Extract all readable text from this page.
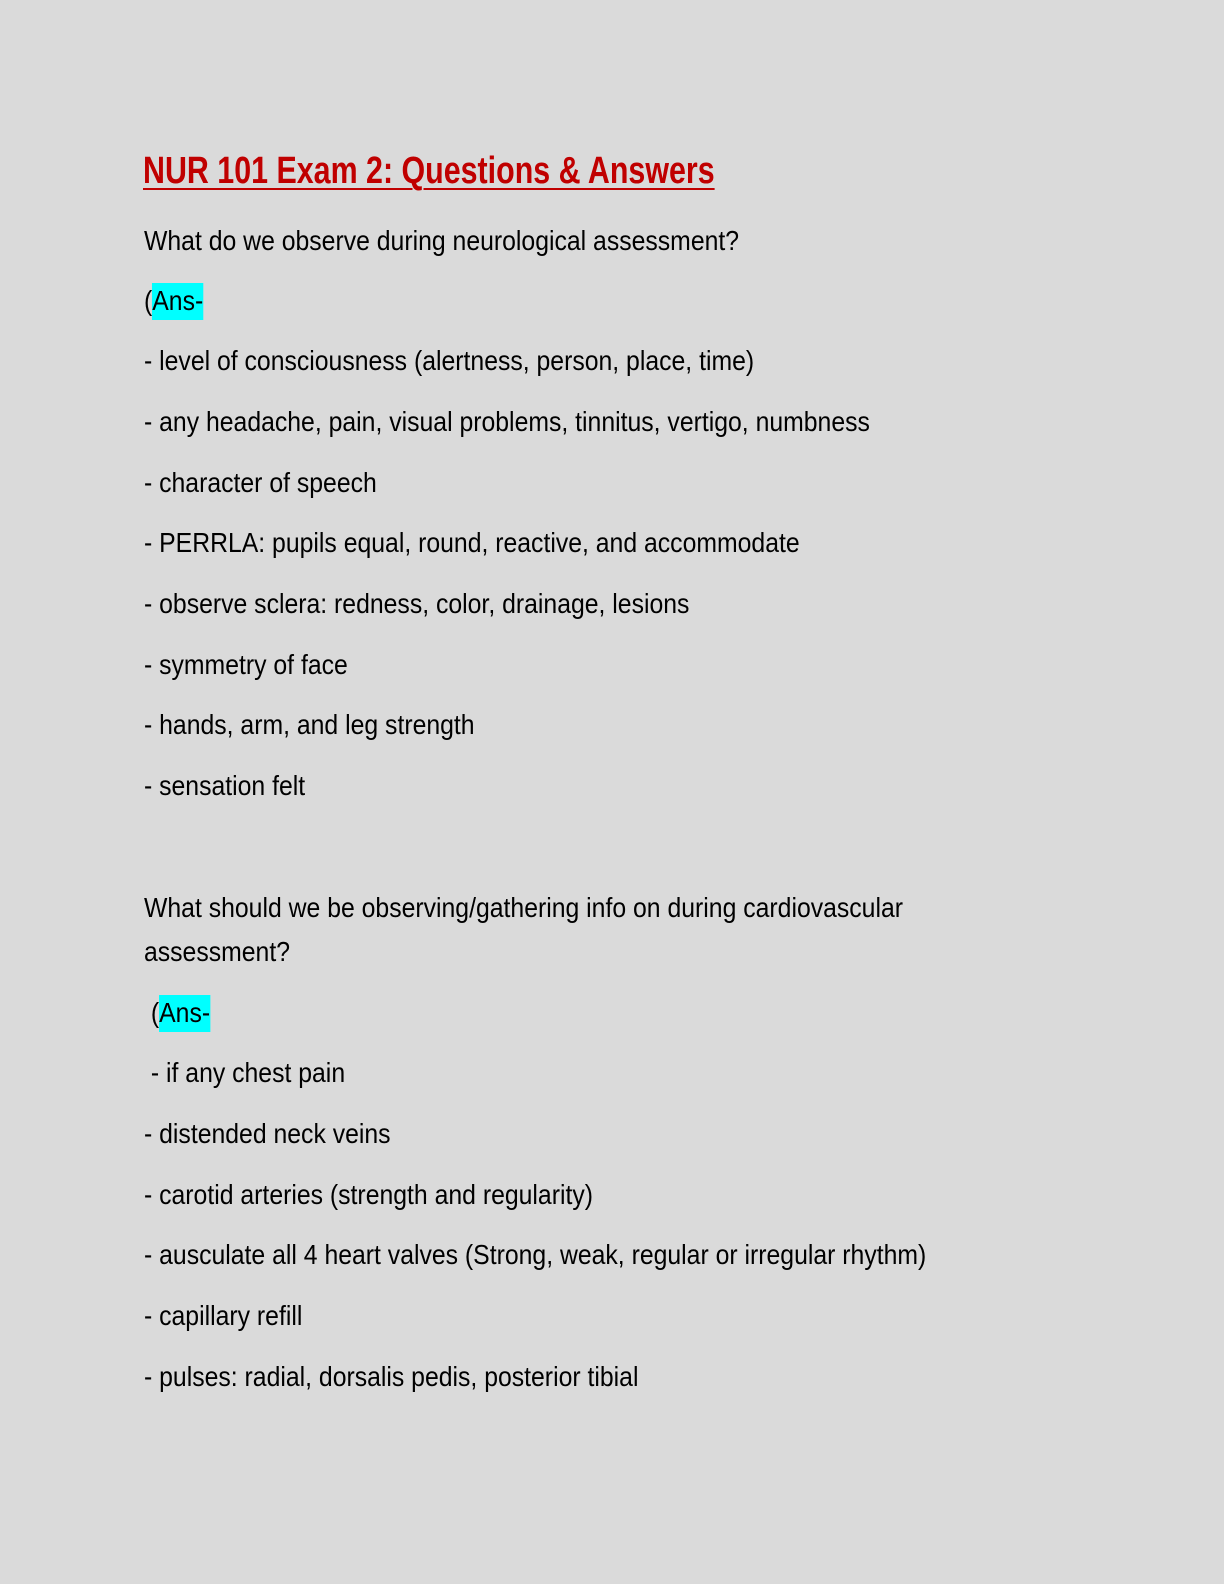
NUR 101 Exam 2: Questions & Answers
What do we observe during neurological assessment?
(Ans-
- level of consciousness (alertness, person, place, time)
- any headache, pain, visual problems, tinnitus, vertigo, numbness
- character of speech
- PERRLA: pupils equal, round, reactive, and accommodate
- observe sclera: redness, color, drainage, lesions
- symmetry of face
- hands, arm, and leg strength
- sensation felt
What should we be observing/gathering info on during cardiovascular
assessment?
(Ans-
- if any chest pain
- distended neck veins
- carotid arteries (strength and regularity)
- ausculate all 4 heart valves (Strong, weak, regular or irregular rhythm)
- capillary refill
- pulses: radial, dorsalis pedis, posterior tibial
